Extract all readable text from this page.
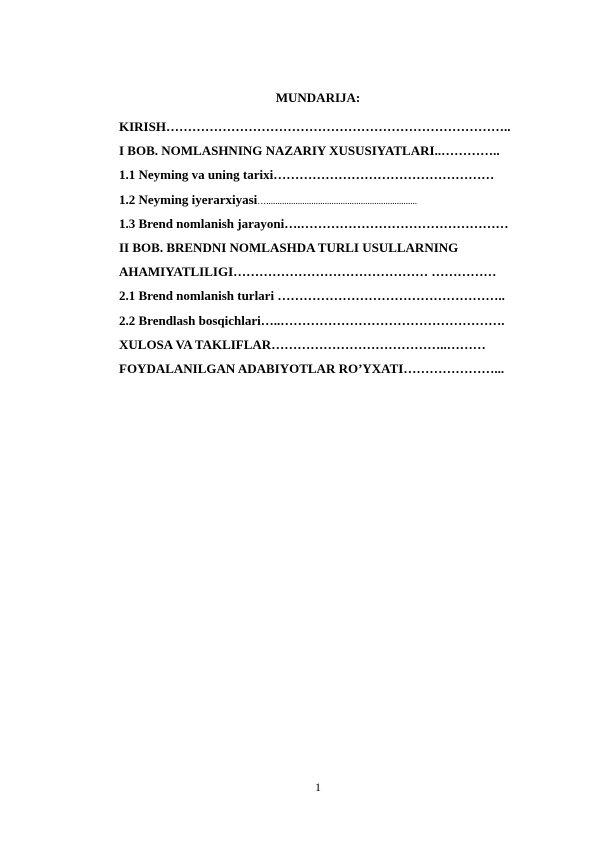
MUNDARIJA:
KIRISH……………………………………………………………………..
I BOB. NOMLASHNING NAZARIY XUSUSIYATLARI..…………..
1.1 Neyming va uning tarixi……………………………………………
1.2 Neyming iyerarxiyasi…...................................................................
1.3 Brend nomlanish jarayoni….…………………………………………
II BOB. BRENDNI NOMLASHDA TURLI USULLARNING
AHAMIYATLILIGI……………………………………… ……………
2.1 Brend nomlanish turlari ……………………………………………..
2.2 Brendlash bosqichlari…..…………………………………………….
XULOSA VA TAKLIFLAR…………………………………..………
FOYDALANILGAN ADABIYOTLAR RO’YXATI…………………...
1
